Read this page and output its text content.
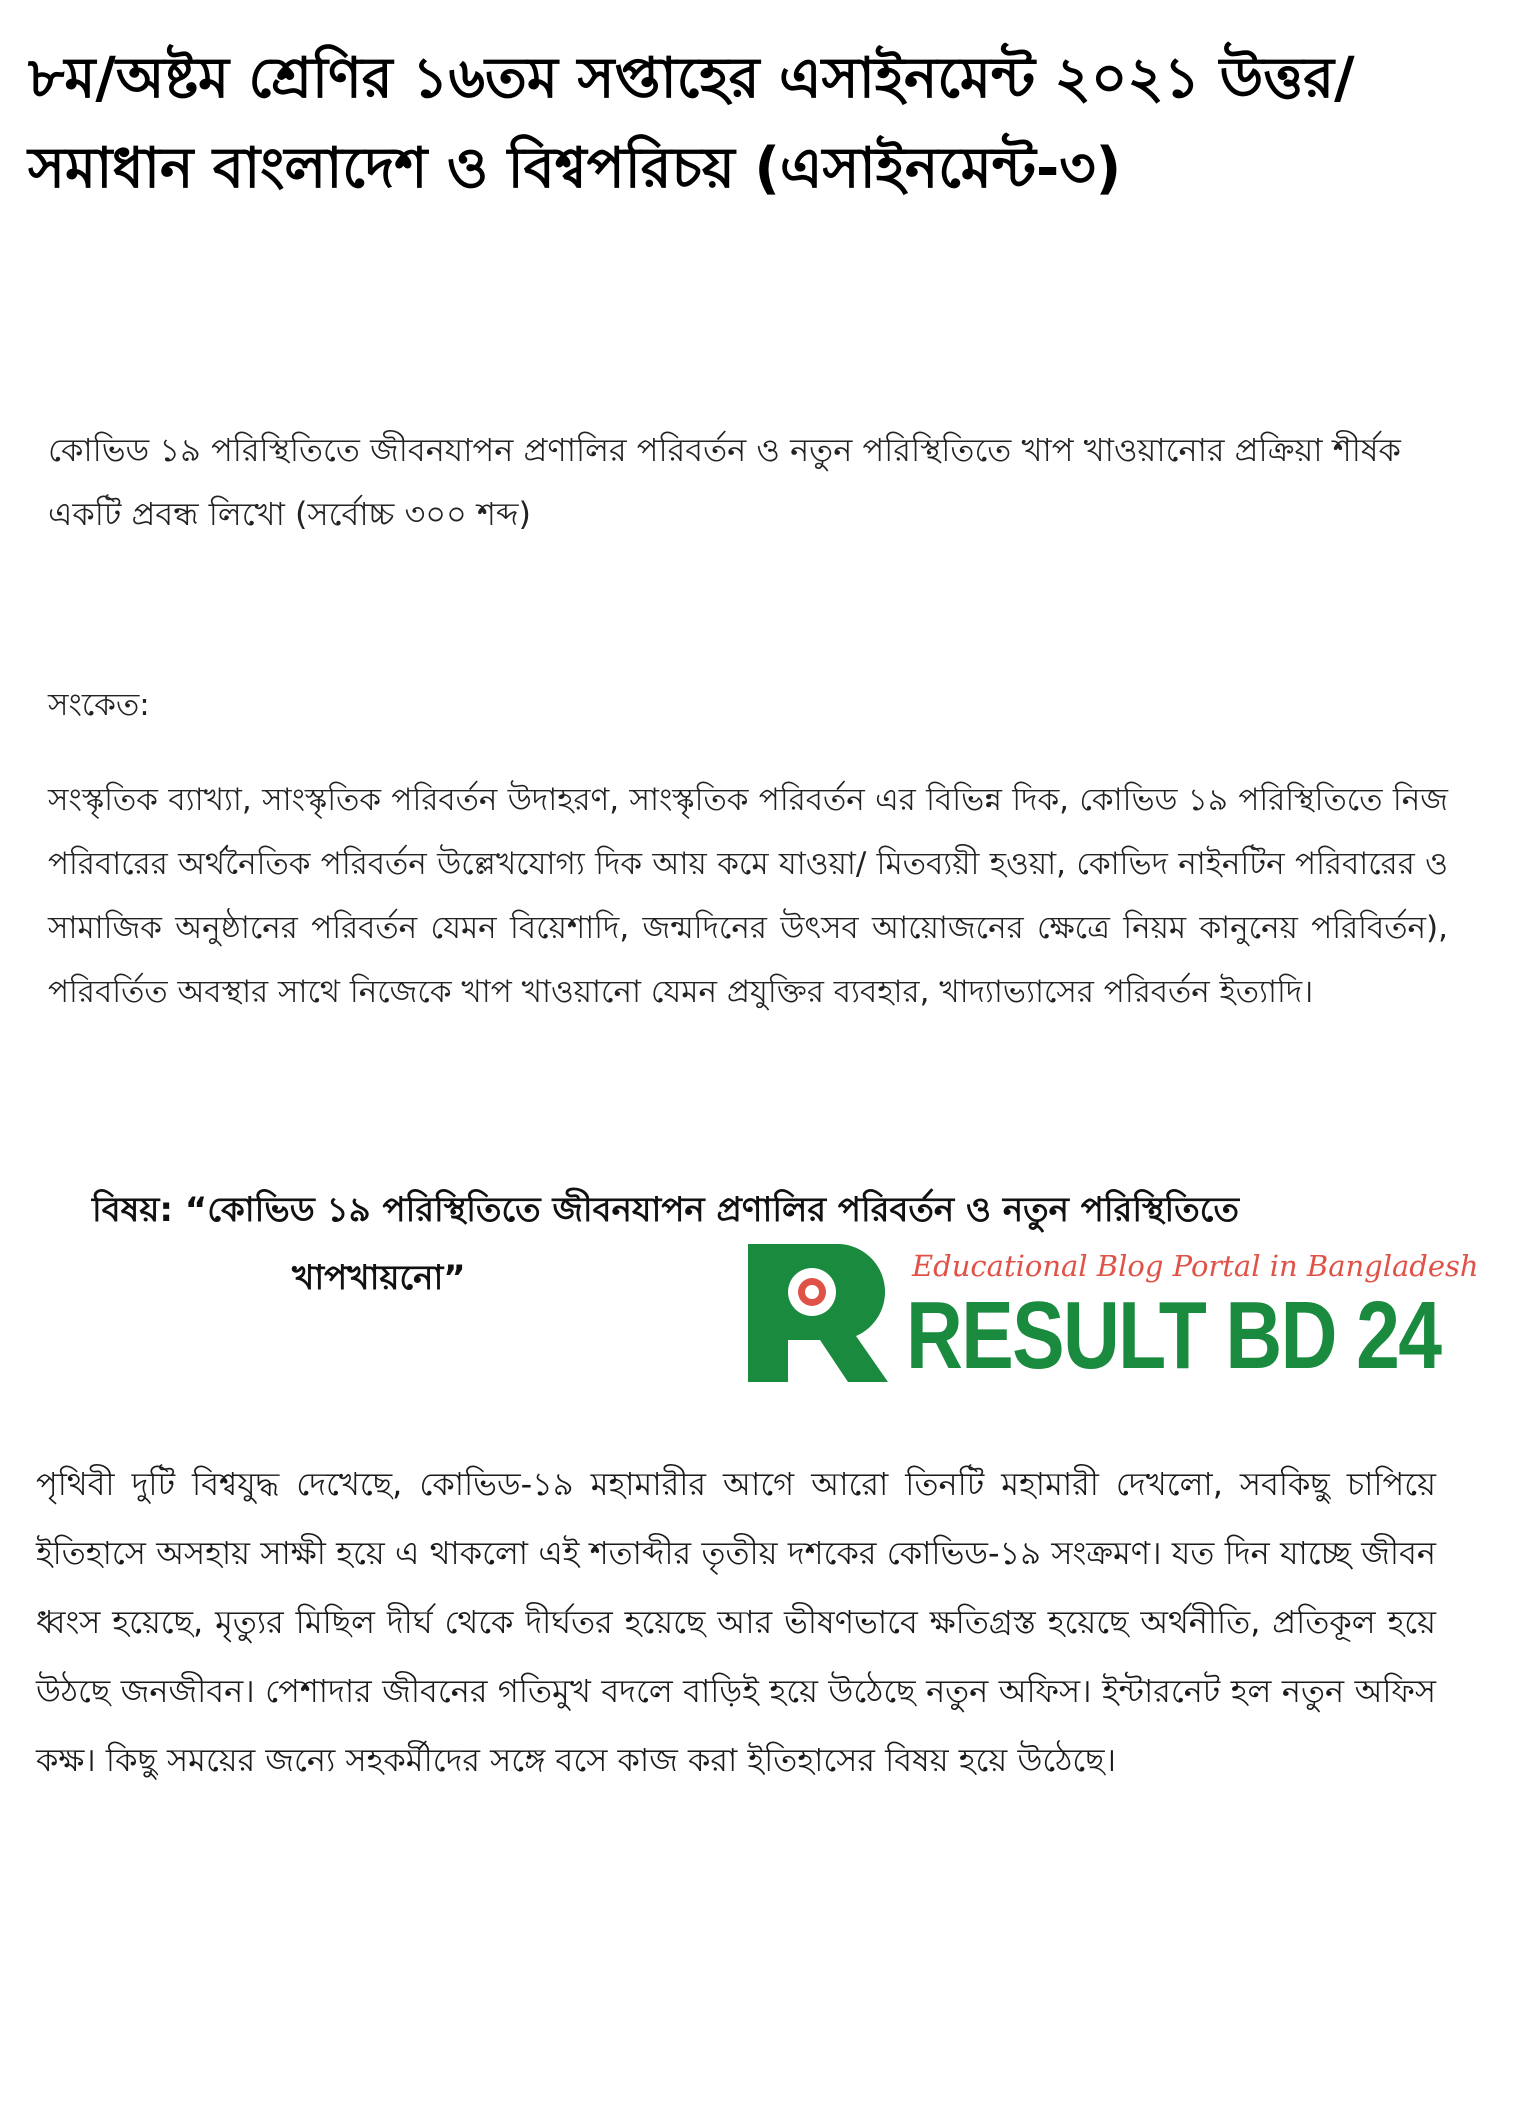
৮ম/অষ্টম শ্রেণির ১৬তম সপ্তাহের এসাইনমেন্ট ২০২১ উত্তর/সমাধান বাংলাদেশ ও বিশ্বপরিচয় (এসাইনমেন্ট-৩)
কোভিড ১৯ পরিস্থিতিতে জীবনযাপন প্রণালির পরিবর্তন ও নতুন পরিস্থিতিতে খাপ খাওয়ানোর প্রক্রিয়া শীর্ষক একটি প্রবন্ধ লিখো (সর্বোচ্চ ৩০০ শব্দ)
সংকেত:
সংস্কৃতিক ব্যাখ্যা, সাংস্কৃতিক পরিবর্তন উদাহরণ, সাংস্কৃতিক পরিবর্তন এর বিভিন্ন দিক, কোভিড ১৯ পরিস্থিতিতে নিজ পরিবারের অর্থনৈতিক পরিবর্তন উল্লেখযোগ্য দিক আয় কমে যাওয়া/ মিতব্যয়ী হওয়া, কোভিদ নাইনটিন পরিবারের ও সামাজিক অনুষ্ঠানের পরিবর্তন যেমন বিয়েশাদি, জন্মদিনের উৎসব আয়োজনের ক্ষেত্রে নিয়ম কানুনেয় পরিবির্তন), পরিবর্তিত অবস্থার সাথে নিজেকে খাপ খাওয়ানো যেমন প্রযুক্তির ব্যবহার, খাদ্যাভ্যাসের পরিবর্তন ইত্যাদি।
বিষয়: “কোভিড ১৯ পরিস্থিতিতে জীবনযাপন প্রণালির পরিবর্তন ও নতুন পরিস্থিতিতে
খাপখায়নো”	Educational Blog Portal in Bangladesh
RESULT BD 24
পৃথিবী দুটি বিশ্বযুদ্ধ দেখেছে, কোভিড-১৯ মহামারীর আগে আরো তিনটি মহামারী দেখলো, সবকিছু চাপিয়ে ইতিহাসে অসহায় সাক্ষী হয়ে এ থাকলো এই শতাব্দীর তৃতীয় দশকের কোভিড-১৯ সংক্রমণ। যত দিন যাচ্ছে জীবন ধ্বংস হয়েছে, মৃত্যুর মিছিল দীর্ঘ থেকে দীর্ঘতর হয়েছে আর ভীষণভাবে ক্ষতিগ্রস্ত হয়েছে অর্থনীতি, প্রতিকূল হয়ে উঠছে জনজীবন। পেশাদার জীবনের গতিমুখ বদলে বাড়িই হয়ে উঠেছে নতুন অফিস। ইন্টারনেট হল নতুন অফিস কক্ষ। কিছু সময়ের জন্যে সহকর্মীদের সঙ্গে বসে কাজ করা ইতিহাসের বিষয় হয়ে উঠেছে।
